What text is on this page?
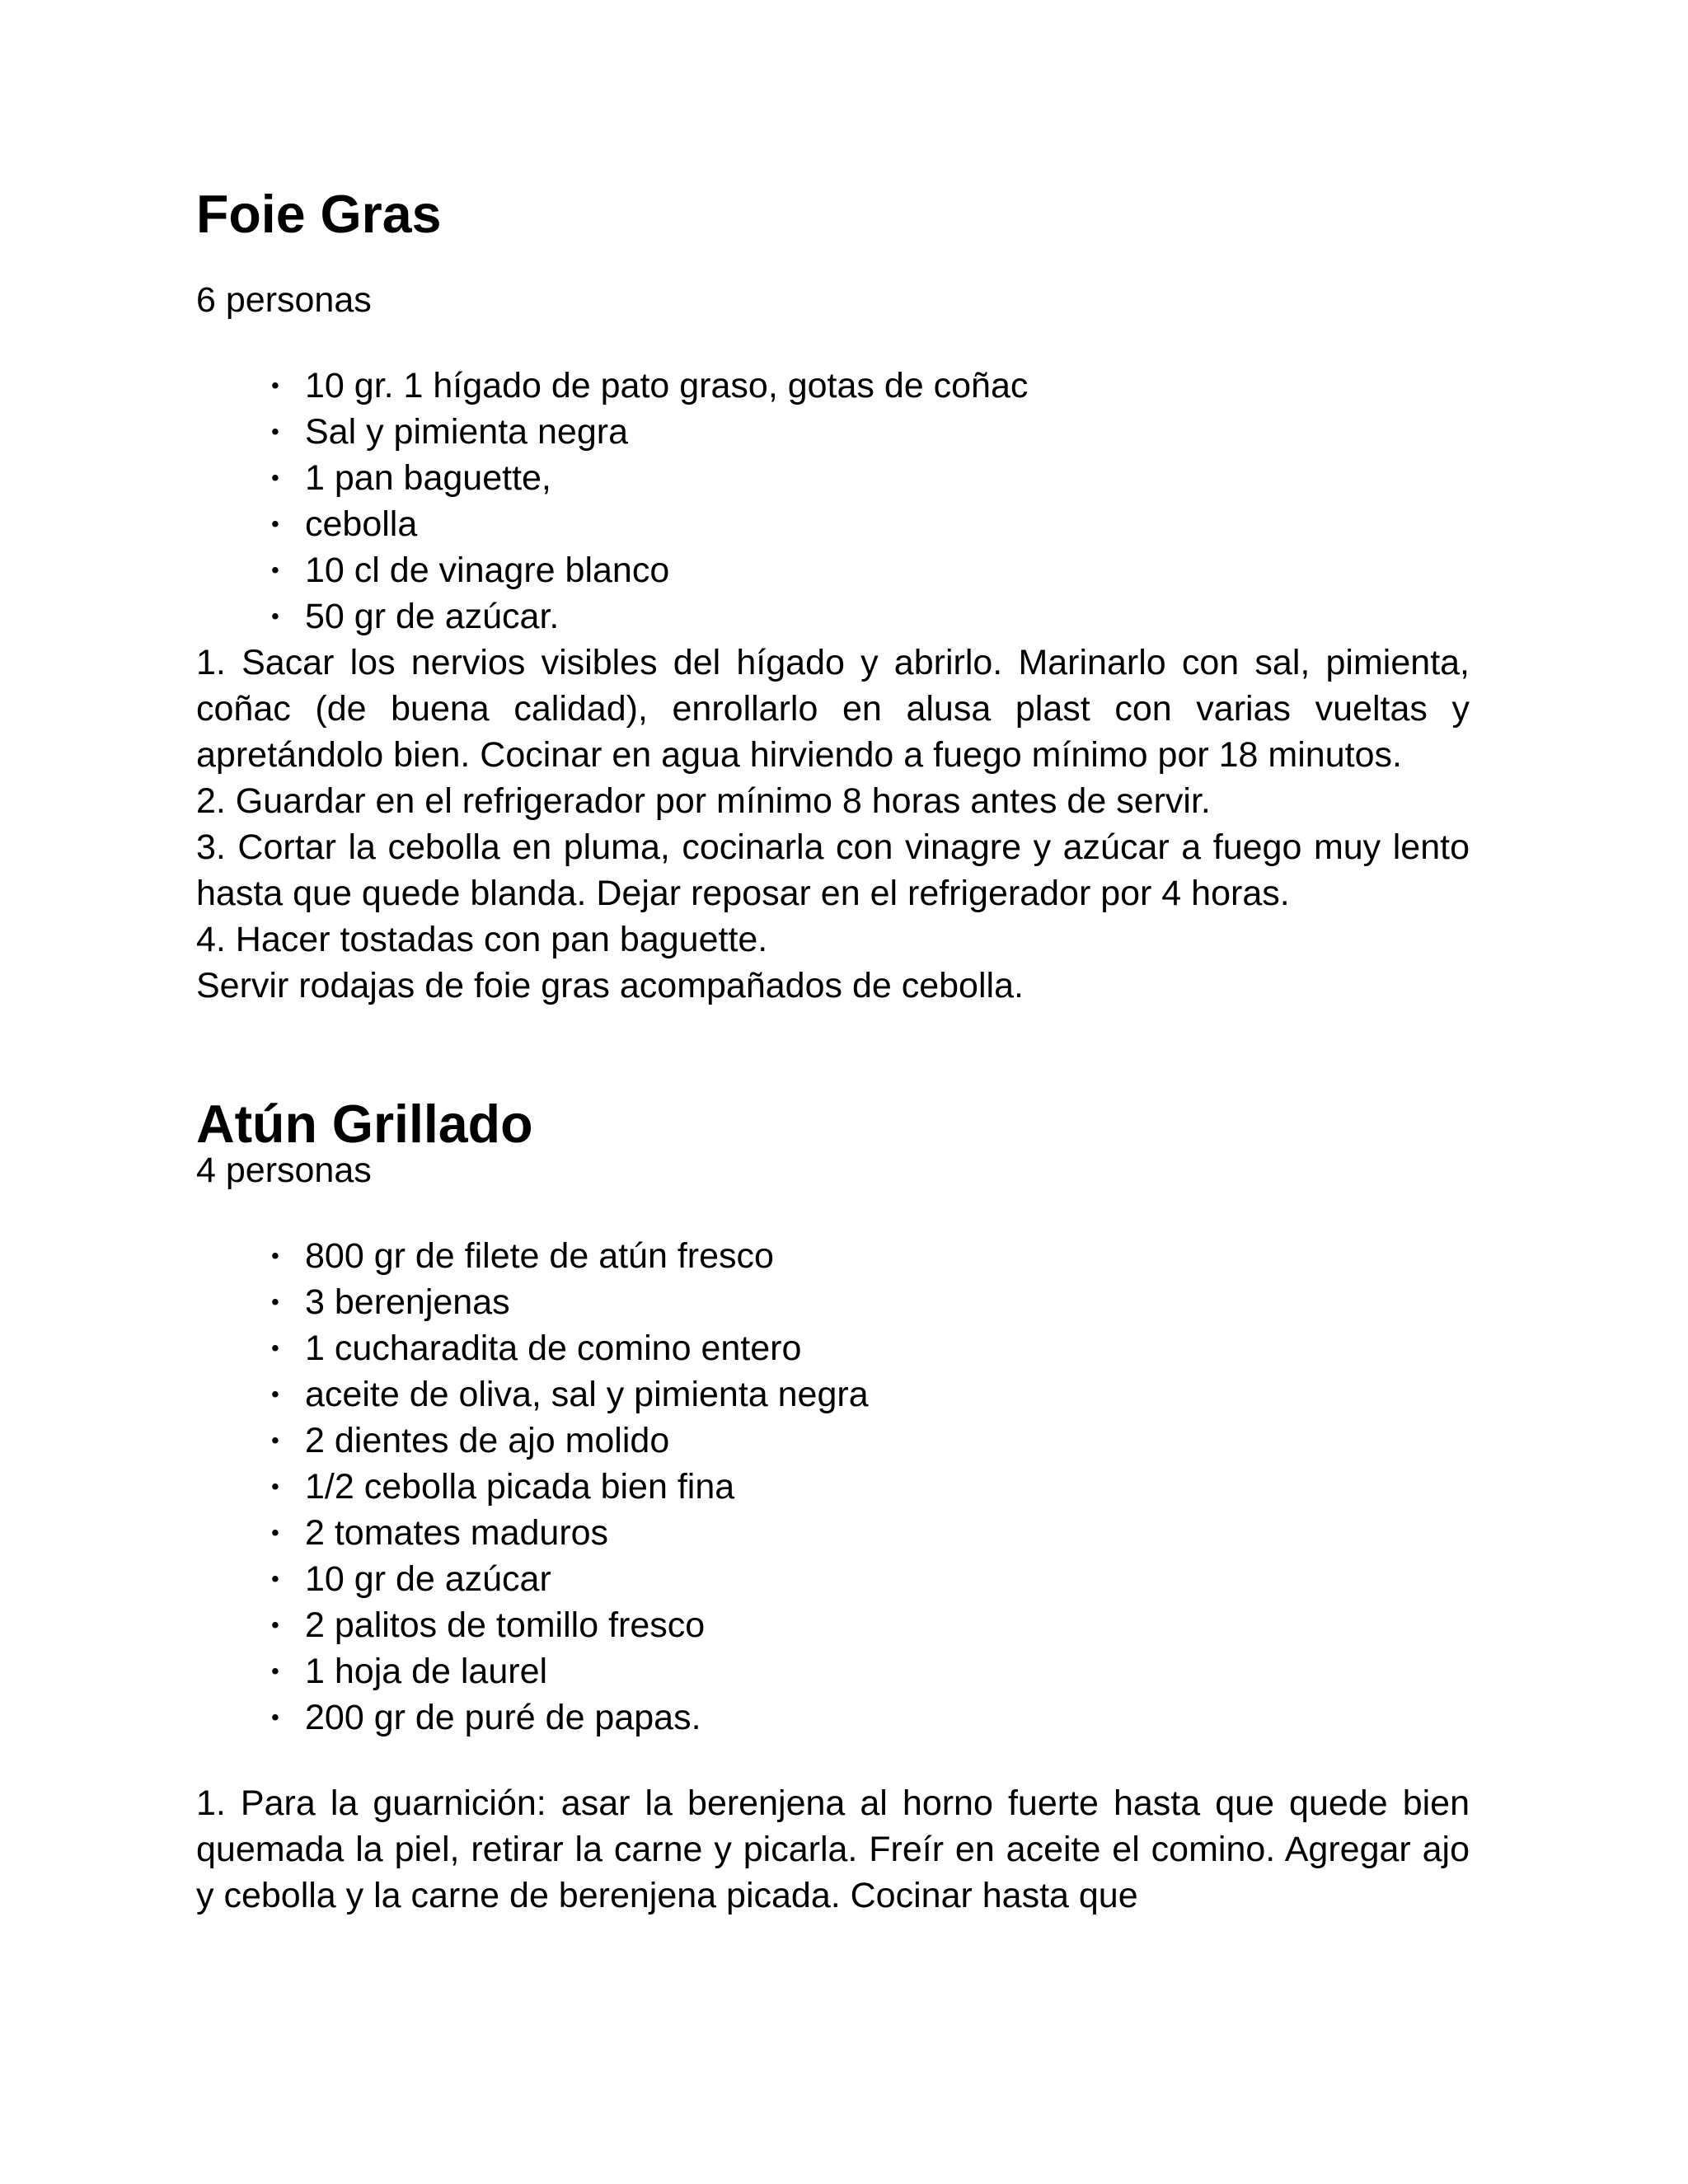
Foie Gras

6 personas

• 10 gr. 1 hígado de pato graso, gotas de coñac
• Sal y pimienta negra
• 1 pan baguette,
• cebolla
• 10 cl de vinagre blanco
• 50 gr de azúcar.

1. Sacar los nervios visibles del hígado y abrirlo. Marinarlo con sal, pimienta, coñac (de buena calidad), enrollarlo en alusa plast con varias vueltas y apretándolo bien. Cocinar en agua hirviendo a fuego mínimo por 18 minutos.

2. Guardar en el refrigerador por mínimo 8 horas antes de servir.

3. Cortar la cebolla en pluma, cocinarla con vinagre y azúcar a fuego muy lento hasta que quede blanda. Dejar reposar en el refrigerador por 4 horas.

4. Hacer tostadas con pan baguette.

Servir rodajas de foie gras acompañados de cebolla.

Atún Grillado

4 personas

• 800 gr de filete de atún fresco
• 3 berenjenas
• 1 cucharadita de comino entero
• aceite de oliva, sal y pimienta negra
• 2 dientes de ajo molido
• 1/2 cebolla picada bien fina
• 2 tomates maduros
• 10 gr de azúcar
• 2 palitos de tomillo fresco
• 1 hoja de laurel
• 200 gr de puré de papas.

1. Para la guarnición: asar la berenjena al horno fuerte hasta que quede bien quemada la piel, retirar la carne y picarla. Freír en aceite el comino. Agregar ajo y cebolla y la carne de berenjena picada. Cocinar hasta que
